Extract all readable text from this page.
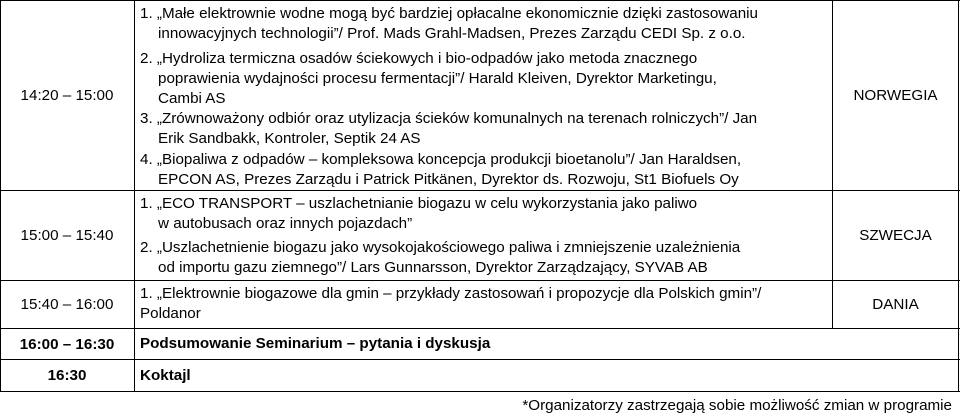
14:20 – 15:00
1. „Małe elektrownie wodne mogą być bardziej opłacalne ekonomicznie dzięki zastosowaniu
innowacyjnych technologii”/ Prof. Mads Grahl-Madsen, Prezes Zarządu CEDI Sp. z o.o.
2. „Hydroliza termiczna osadów ściekowych i bio-odpadów jako metoda znacznego
poprawienia wydajności procesu fermentacji”/ Harald Kleiven, Dyrektor Marketingu,
Cambi AS
3. „Zrównoważony odbiór oraz utylizacja ścieków komunalnych na terenach rolniczych”/ Jan
Erik Sandbakk, Kontroler, Septik 24 AS
4. „Biopaliwa z odpadów – kompleksowa koncepcja produkcji bioetanolu”/ Jan Haraldsen,
EPCON AS, Prezes Zarządu i Patrick Pitkänen, Dyrektor ds. Rozwoju, St1 Biofuels Oy
NORWEGIA
15:00 – 15:40
1. „ECO TRANSPORT – uszlachetnianie biogazu w celu wykorzystania jako paliwo
w autobusach oraz innych pojazdach”
2. „Uszlachetnienie biogazu jako wysokojakościowego paliwa i zmniejszenie uzależnienia
od importu gazu ziemnego”/ Lars Gunnarsson, Dyrektor Zarządzający, SYVAB AB
SZWECJA
15:40 – 16:00
1. „Elektrownie biogazowe dla gmin – przykłady zastosowań i propozycje dla Polskich gmin”/
Poldanor
DANIA
16:00 – 16:30 Podsumowanie Seminarium – pytania i dyskusja
16:30	Koktajl
*Organizatorzy zastrzegają sobie możliwość zmian w programie
